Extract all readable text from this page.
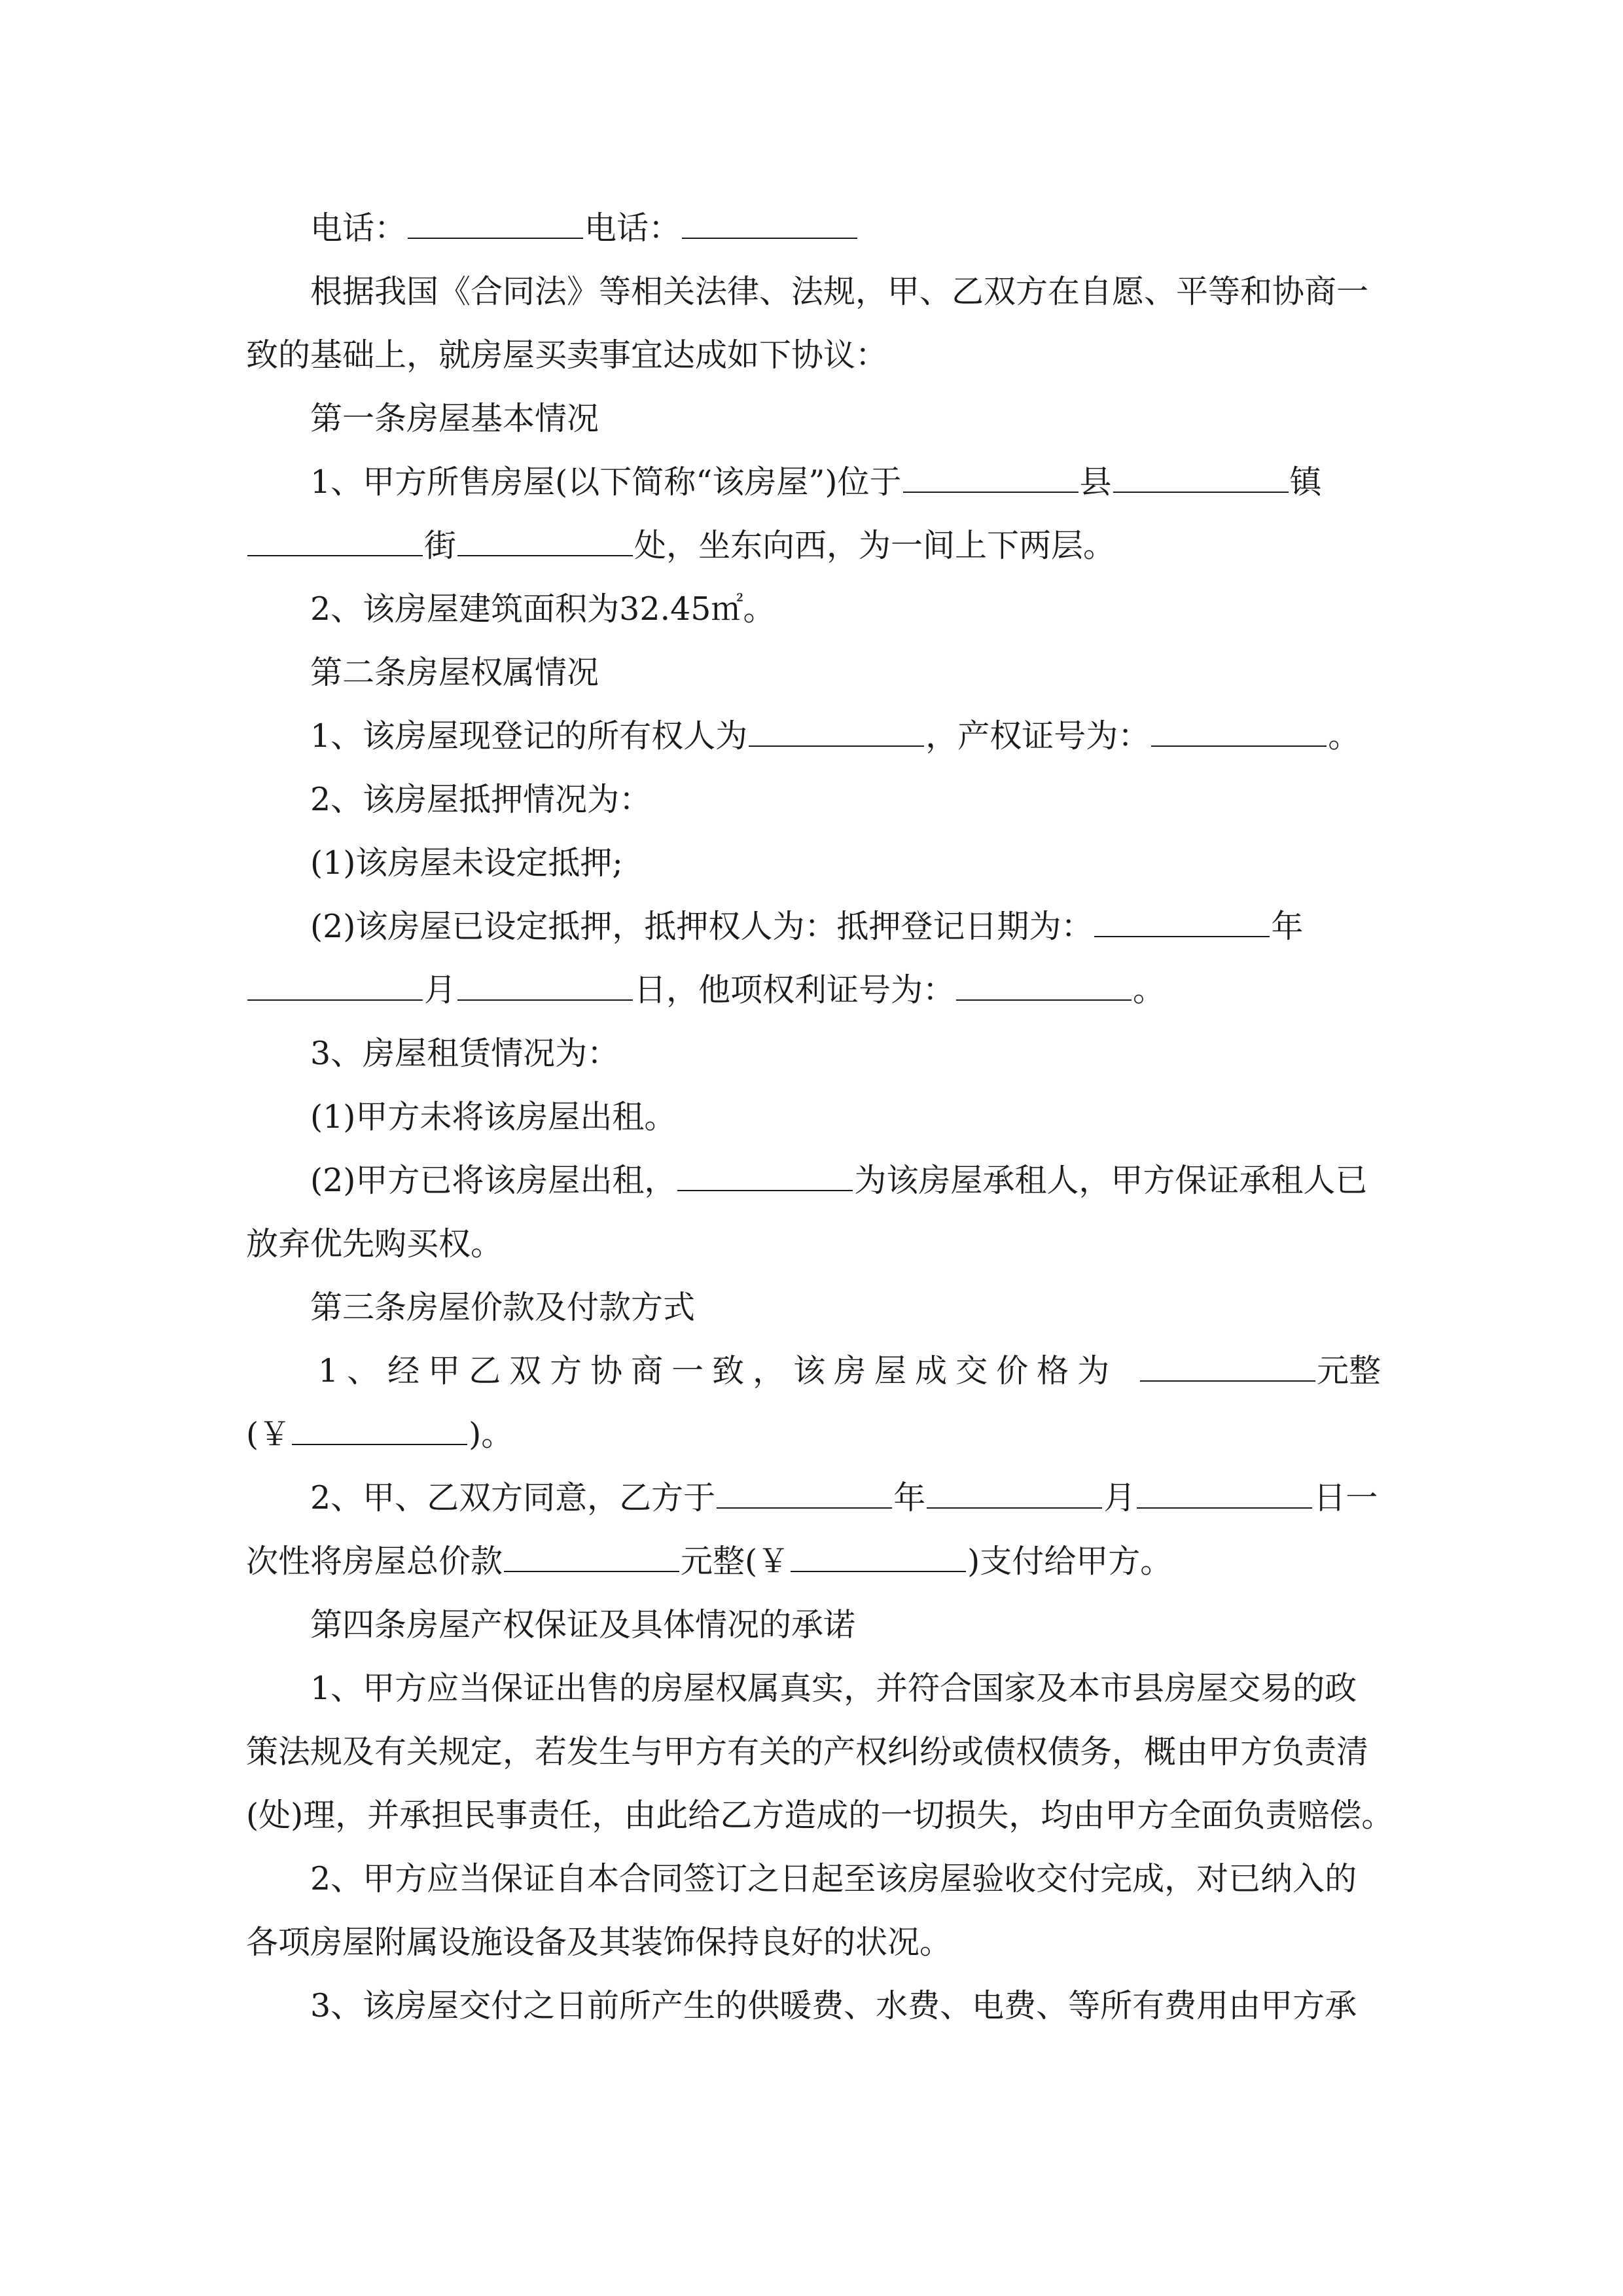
电话：	电话：

根据我国《合同法》等相关法律、法规，甲、乙双方在自愿、平等和协商一

致的基础上，就房屋买卖事宜达成如下协议：

第一条房屋基本情况

1、甲方所售房屋(以下简称“该房屋”)位于	县	镇

街	处，坐东向西，为一间上下两层。

2、该房屋建筑面积为32.45㎡。

第二条房屋权属情况

1、该房屋现登记的所有权人为	，产权证号为：	。

2、该房屋抵押情况为：

(1)该房屋未设定抵押;

(2)该房屋已设定抵押，抵押权人为：抵押登记日期为：	年

月	日，他项权利证号为：	。

3、房屋租赁情况为：

(1)甲方未将该房屋出租。

(2)甲方已将该房屋出租，	为该房屋承租人，甲方保证承租人已

放弃优先购买权。

第三条房屋价款及付款方式

1、经甲乙双方协商一致，该房屋成交价格为	元整

(￥	)。

2、甲、乙双方同意，乙方于	年	月	日一

次性将房屋总价款	元整(￥	)支付给甲方。

第四条房屋产权保证及具体情况的承诺

1、甲方应当保证出售的房屋权属真实，并符合国家及本市县房屋交易的政

策法规及有关规定，若发生与甲方有关的产权纠纷或债权债务，概由甲方负责清

(处)理，并承担民事责任，由此给乙方造成的一切损失，均由甲方全面负责赔偿。

2、甲方应当保证自本合同签订之日起至该房屋验收交付完成，对已纳入的

各项房屋附属设施设备及其装饰保持良好的状况。

3、该房屋交付之日前所产生的供暖费、水费、电费、等所有费用由甲方承
